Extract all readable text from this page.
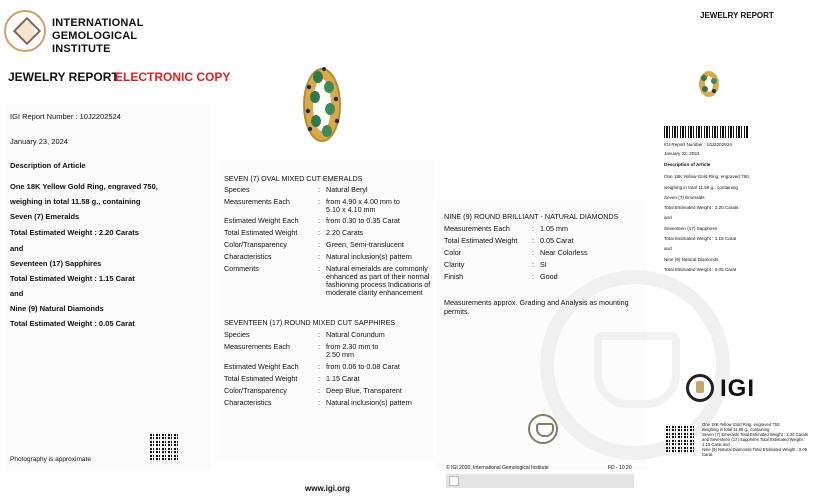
INTERNATIONAL
GEMOLOGICAL
INSTITUTE
JEWELRY REPORT
ELECTRONIC COPY
IGI Report Number : 10J2202524
January 23, 2024
Description of Article
One 18K Yellow Gold Ring, engraved 750,
weighing in total 11.58 g., containing
Seven (7) Emeralds
Total Estimated Weight : 2.20 Carats
and
Seventeen (17) Sapphires
Total Estimated Weight : 1.15 Carat
and
Nine (9) Natural Diamonds
Total Estimated Weight : 0.05 Carat
Photography is approximate
www.igi.org
SEVEN (7) OVAL MIXED CUT EMERALDS
Species	: Natural Beryl
Measurements Each	: from 4.90 x 4.00 mm to 5.10 x 4.10 mm
Estimated Weight Each	: from 0.30 to 0.35 Carat
Total Estimated Weight	: 2.20 Carats
Color/Transparency	: Green, Semi-translucent
Characteristics	: Natural inclusion(s) pattern
Comments	: Natural emeralds are commonly enhanced as part of their normal fashioning process Indications of moderate clarity enhancement
SEVENTEEN (17) ROUND MIXED CUT SAPPHIRES
Species	: Natural Corundum
Measurements Each	: from 2.30 mm to 2.50 mm
Estimated Weight Each	: from 0.06 to 0.08 Carat
Total Estimated Weight	: 1.15 Carat
Color/Transparency	: Deep Blue, Transparent
Characteristics	: Natural inclusion(s) pattern
NINE (9) ROUND BRILLIANT - NATURAL DIAMONDS
Measurements Each	: 1.05 mm
Total Estimated Weight : 0.05 Carat
Color	: Near Colorless
Clarity	: SI
Finish	: Good
Measurements approx. Grading and Analysis as mounting permits.
© IGI 2020, International Gemological Institute	FD - 10 20
JEWELRY REPORT
IGI Report Number : 10J2202524
January 23, 2024
Description of Article
One 18K Yellow Gold Ring, engraved 750,
weighing in total 11.58 g., containing
Seven (7) Emeralds
Total Estimated Weight : 2.20 Carats
and
Seventeen (17) Sapphires
Total Estimated Weight : 1.15 Carat
and
Nine (9) Natural Diamonds
Total Estimated Weight : 0.05 Carat
IGI
One 18K Yellow Gold Ring, engraved 750,
weighing in total 11.58 g., containing
Seven (7) Emeralds Total Estimated Weight : 2.20 Carats
and Seventeen (17) Sapphires Total Estimated Weight :
1.15 Carat and
Nine (9) Natural Diamonds Total Estimated Weight : 0.05
Carat
